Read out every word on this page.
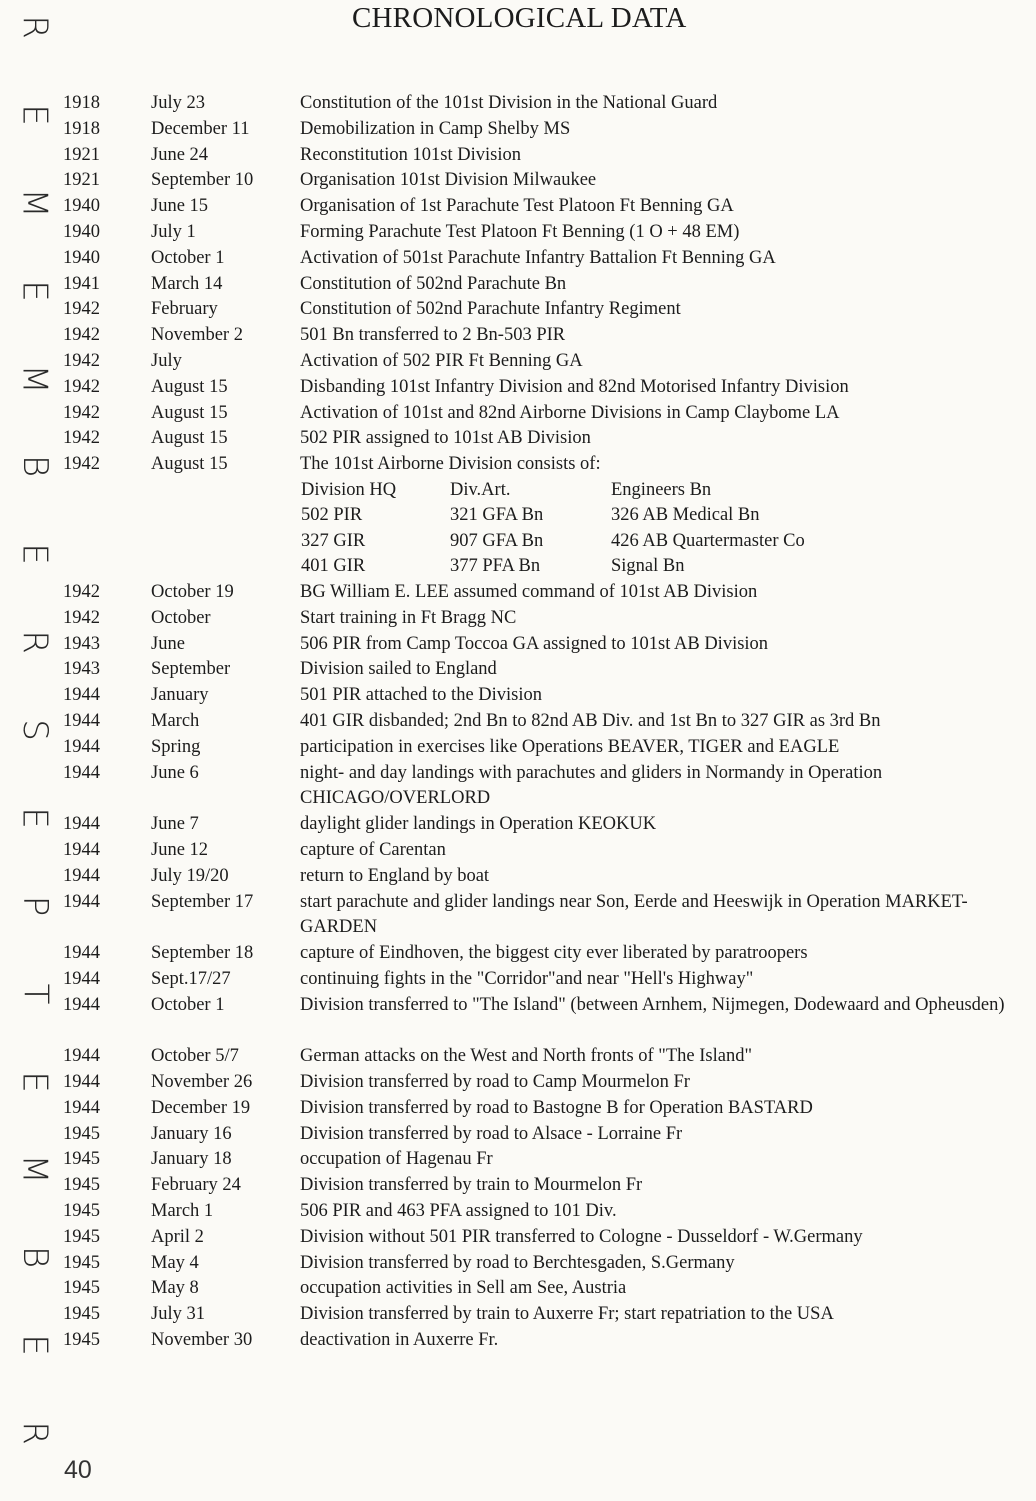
R
E
M
E
M
B
E
R
S
E
P
T
E
M
B
E
R
CHRONOLOGICAL DATA
1918	July 23	Constitution of the 101st Division in the National Guard
1918	December 11	Demobilization in Camp Shelby MS
1921	June 24	Reconstitution 101st Division
1921	September 10	Organisation 101st Division Milwaukee
1940	June 15	Organisation of 1st Parachute Test Platoon Ft Benning GA
1940	July 1	Forming Parachute Test Platoon Ft Benning (1 O + 48 EM)
1940	October 1	Activation of 501st Parachute Infantry Battalion Ft Benning GA
1941	March 14	Constitution of 502nd Parachute Bn
1942	February	Constitution of 502nd Parachute Infantry Regiment
1942	November 2	501 Bn transferred to 2 Bn-503 PIR
1942	July	Activation of 502 PIR Ft Benning GA
1942	August 15	Disbanding 101st Infantry Division and 82nd Motorised Infantry Division
1942	August 15	Activation of 101st and 82nd Airborne Divisions in Camp Claybome LA
1942	August 15	502 PIR assigned to 101st AB Division
1942	August 15	The 101st Airborne Division consists of:
Division HQ	Div.Art.	Engineers Bn
502 PIR	321 GFA Bn	326 AB Medical Bn
327 GIR	907 GFA Bn	426 AB Quartermaster Co
401 GIR	377 PFA Bn	Signal Bn
1942	October 19	BG William E. LEE assumed command of 101st AB Division
1942	October	Start training in Ft Bragg NC
1943	June	506 PIR from Camp Toccoa GA assigned to 101st AB Division
1943	September	Division sailed to England
1944	January	501 PIR attached to the Division
1944	March	401 GIR disbanded; 2nd Bn to 82nd AB Div. and 1st Bn to 327 GIR as 3rd Bn
1944	Spring	participation in exercises like Operations BEAVER, TIGER and EAGLE
1944	June 6	night- and day landings with parachutes and gliders in Normandy in Operation CHICAGO/OVERLORD
1944	June 7	daylight glider landings in Operation KEOKUK
1944	June 12	capture of Carentan
1944	July 19/20	return to England by boat
1944	September 17	start parachute and glider landings near Son, Eerde and Heeswijk in Operation MARKET-GARDEN
1944	September 18	capture of Eindhoven, the biggest city ever liberated by paratroopers
1944	Sept.17/27	continuing fights in the "Corridor"and near "Hell's Highway"
1944	October 1	Division transferred to "The Island" (between Arnhem, Nijmegen, Dodewaard and Opheusden)
1944	October 5/7	German attacks on the West and North fronts of "The Island"
1944	November 26	Division transferred by road to Camp Mourmelon Fr
1944	December 19	Division transferred by road to Bastogne B for Operation BASTARD
1945	January 16	Division transferred by road to Alsace - Lorraine Fr
1945	January 18	occupation of Hagenau Fr
1945	February 24	Division transferred by train to Mourmelon Fr
1945	March 1	506 PIR and 463 PFA assigned to 101 Div.
1945	April 2	Division without 501 PIR transferred to Cologne - Dusseldorf - W.Germany
1945	May 4	Division transferred by road to Berchtesgaden, S.Germany
1945	May 8	occupation activities in Sell am See, Austria
1945	July 31	Division transferred by train to Auxerre Fr; start repatriation to the USA
1945	November 30	deactivation in Auxerre Fr.
40
